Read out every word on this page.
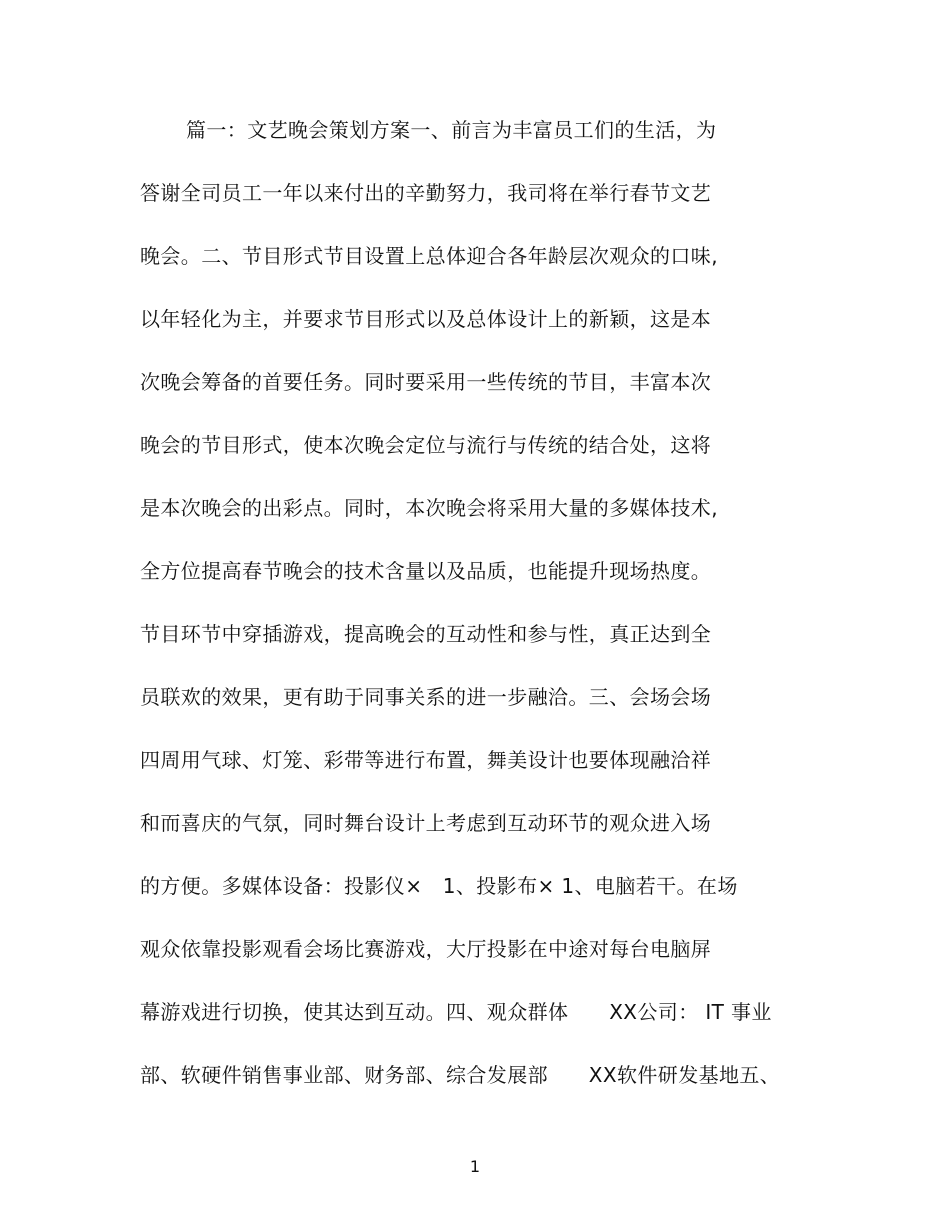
篇一：文艺晚会策划方案一、前言为丰富员工们的生活，为
答谢全司员工一年以来付出的辛勤努力，我司将在举行春节文艺
晚会。二、节目形式节目设置上总体迎合各年龄层次观众的口味,
以年轻化为主，并要求节目形式以及总体设计上的新颖，这是本
次晚会筹备的首要任务。同时要采用一些传统的节目，丰富本次
晚会的节目形式，使本次晚会定位与流行与传统的结合处，这将
是本次晚会的出彩点。同时，本次晚会将采用大量的多媒体技术,
全方位提高春节晚会的技术含量以及品质，也能提升现场热度。
节目环节中穿插游戏，提高晚会的互动性和参与性，真正达到全
员联欢的效果，更有助于同事关系的进一步融洽。三、会场会场
四周用气球、灯笼、彩带等进行布置，舞美设计也要体现融洽祥
和而喜庆的气氛，同时舞台设计上考虑到互动环节的观众进入场
的方便。多媒体设备：投影仪×　1、投影布× 1、电脑若干。在场
观众依靠投影观看会场比赛游戏，大厅投影在中途对每台电脑屏
幕游戏进行切换，使其达到互动。四、观众群体　　XX公司： IT 事业
部、软硬件销售事业部、财务部、综合发展部　　XX软件研发基地五、
1
